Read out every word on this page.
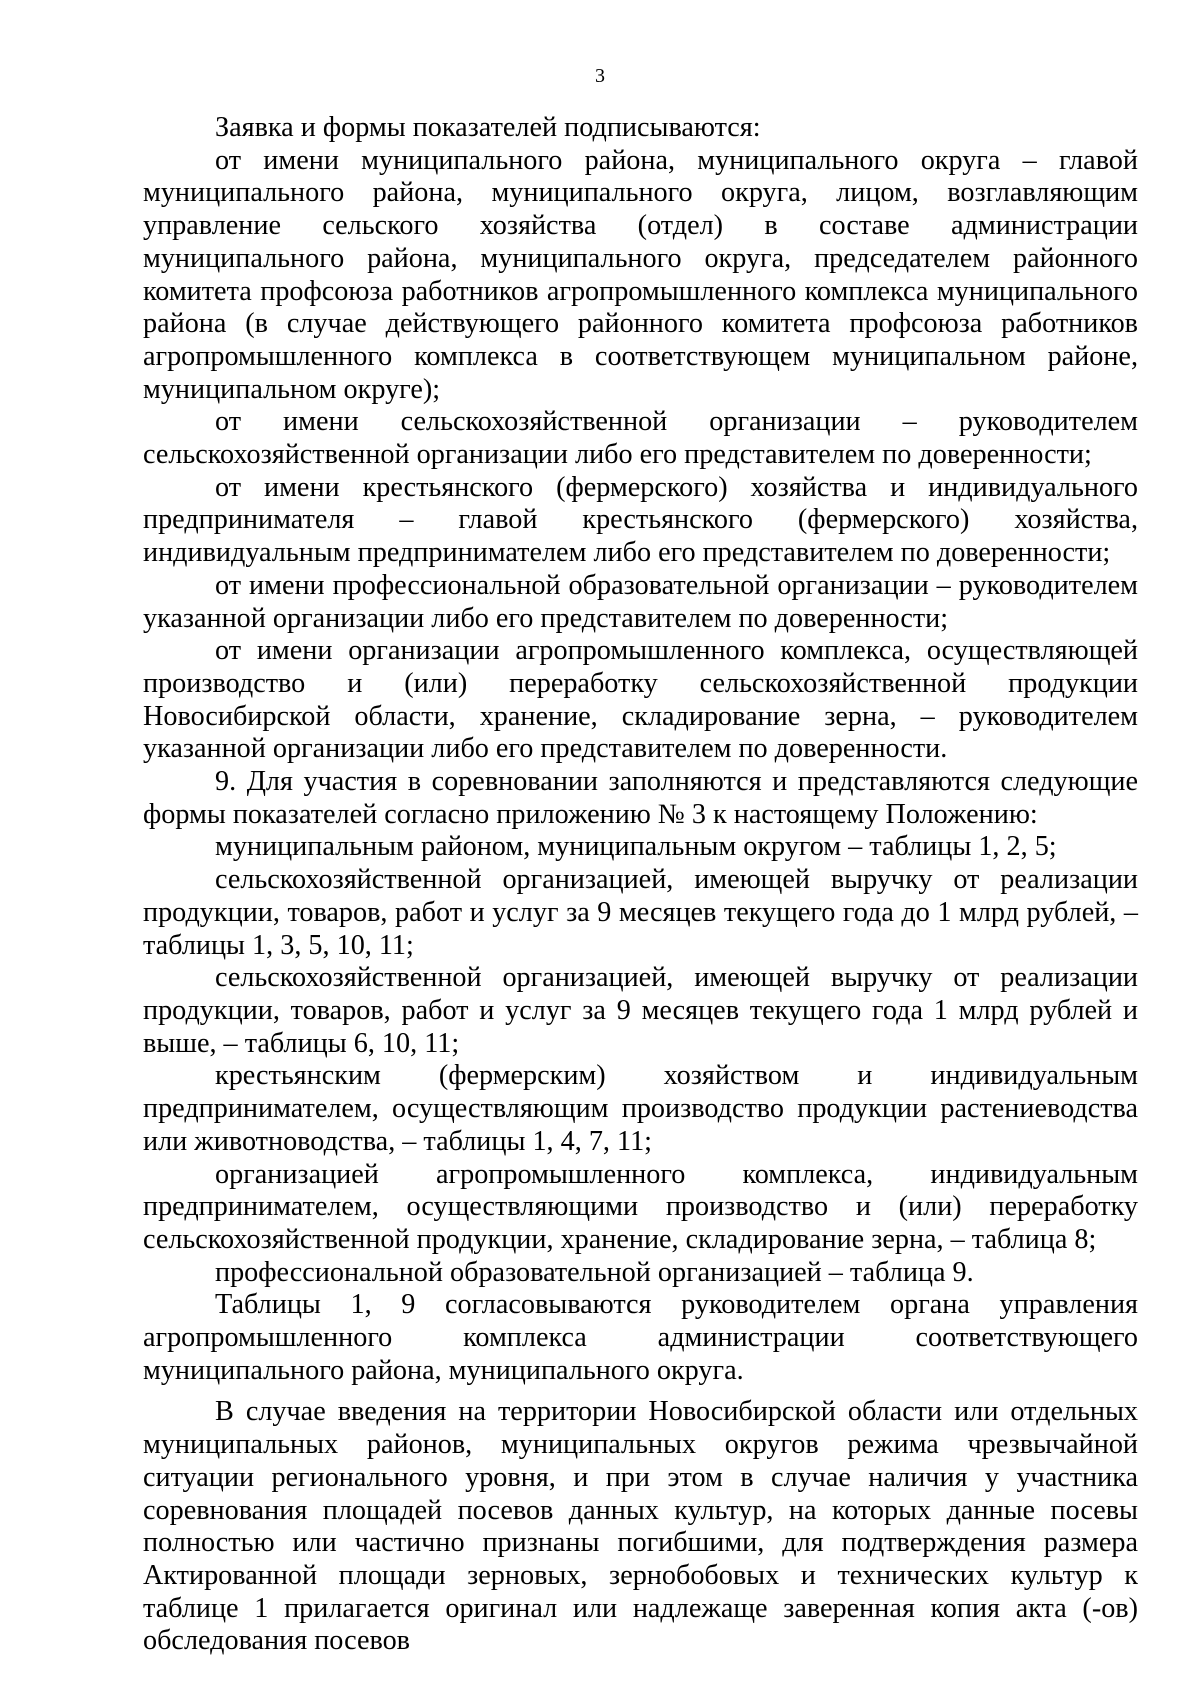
3

Заявка и формы показателей подписываются:

от имени муниципального района, муниципального округа – главой муниципального района, муниципального округа, лицом, возглавляющим управление сельского хозяйства (отдел) в составе администрации муниципального района, муниципального округа, председателем районного комитета профсоюза работников агропромышленного комплекса муниципального района (в случае действующего районного комитета профсоюза работников агропромышленного комплекса в соответствующем муниципальном районе, муниципальном округе);

от имени сельскохозяйственной организации – руководителем сельскохозяйственной организации либо его представителем по доверенности;

от имени крестьянского (фермерского) хозяйства и индивидуального предпринимателя – главой крестьянского (фермерского) хозяйства, индивидуальным предпринимателем либо его представителем по доверенности;

от имени профессиональной образовательной организации – руководителем указанной организации либо его представителем по доверенности;

от имени организации агропромышленного комплекса, осуществляющей производство и (или) переработку сельскохозяйственной продукции Новосибирской области, хранение, складирование зерна, – руководителем указанной организации либо его представителем по доверенности.

9. Для участия в соревновании заполняются и представляются следующие формы показателей согласно приложению № 3 к настоящему Положению:

муниципальным районом, муниципальным округом – таблицы 1, 2, 5;

сельскохозяйственной организацией, имеющей выручку от реализации продукции, товаров, работ и услуг за 9 месяцев текущего года до 1 млрд рублей, – таблицы 1, 3, 5, 10, 11;

сельскохозяйственной организацией, имеющей выручку от реализации продукции, товаров, работ и услуг за 9 месяцев текущего года 1 млрд рублей и выше, – таблицы 6, 10, 11;

крестьянским (фермерским) хозяйством и индивидуальным предпринимателем, осуществляющим производство продукции растениеводства или животноводства, – таблицы 1, 4, 7, 11;

организацией агропромышленного комплекса, индивидуальным предпринимателем, осуществляющими производство и (или) переработку сельскохозяйственной продукции, хранение, складирование зерна, – таблица 8;

профессиональной образовательной организацией – таблица 9.

Таблицы 1, 9 согласовываются руководителем органа управления агропромышленного комплекса администрации соответствующего муниципального района, муниципального округа.

В случае введения на территории Новосибирской области или отдельных муниципальных районов, муниципальных округов режима чрезвычайной ситуации регионального уровня, и при этом в случае наличия у участника соревнования площадей посевов данных культур, на которых данные посевы полностью или частично признаны погибшими, для подтверждения размера Актированной площади зерновых, зернобобовых и технических культур к таблице 1 прилагается оригинал или надлежаще заверенная копия акта (-ов) обследования посевов
